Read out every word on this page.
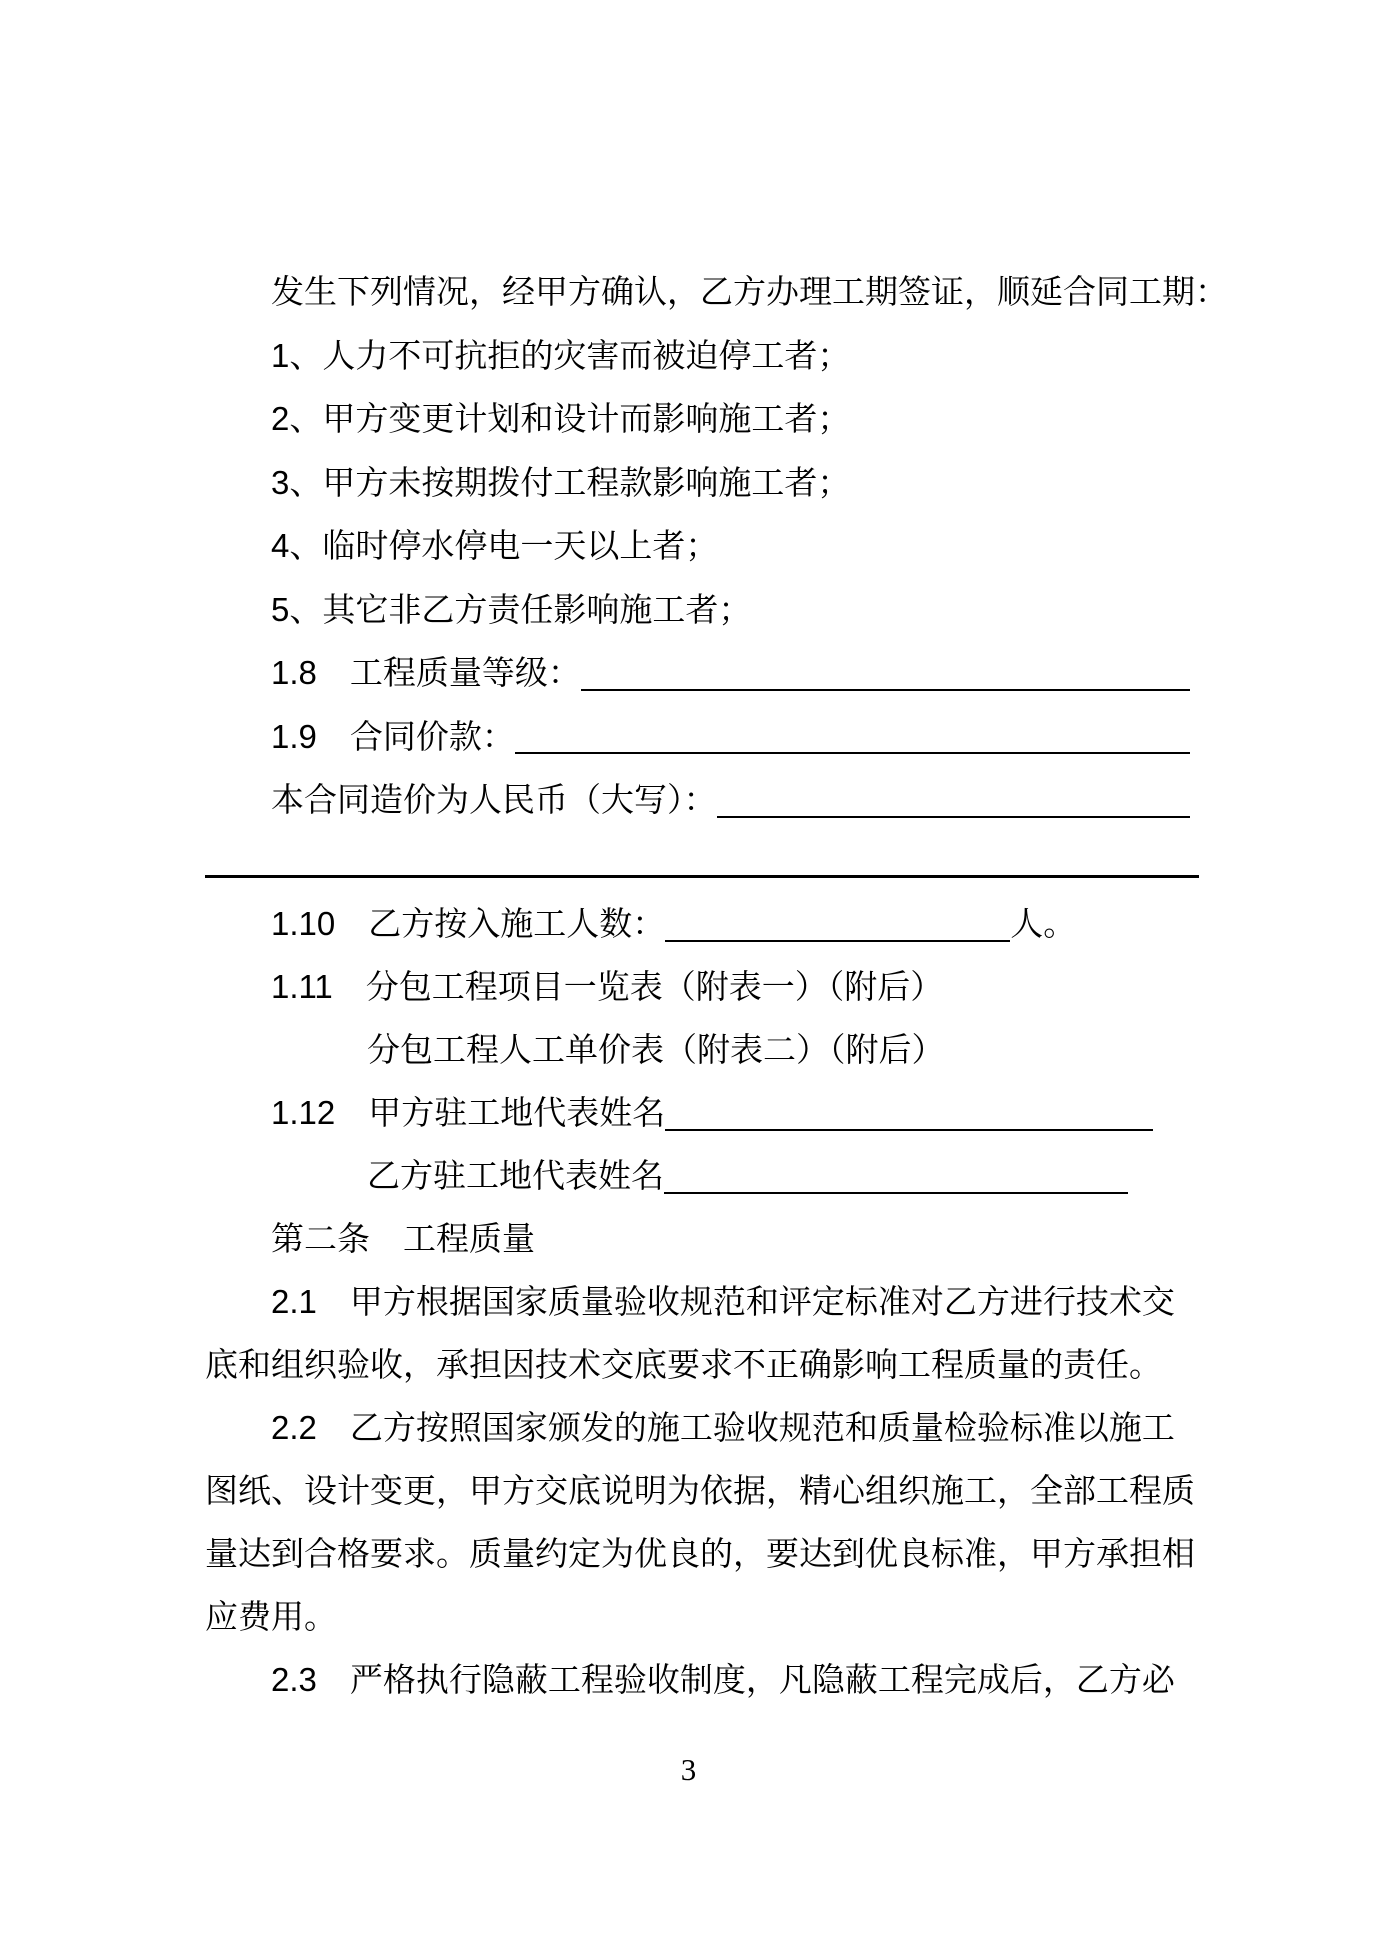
发生下列情况，经甲方确认，乙方办理工期签证，顺延合同工期：
1、人力不可抗拒的灾害而被迫停工者；
2、甲方变更计划和设计而影响施工者；
3、甲方未按期拨付工程款影响施工者；
4、临时停水停电一天以上者；
5、其它非乙方责任影响施工者；
1.8　工程质量等级：
1.9　合同价款：
本合同造价为人民币（大写）：
1.10　乙方按入施工人数：	人。
1.11　分包工程项目一览表（附表一）（附后）
分包工程人工单价表（附表二）（附后）
1.12　甲方驻工地代表姓名
乙方驻工地代表姓名
第二条　工程质量
2.1　甲方根据国家质量验收规范和评定标准对乙方进行技术交
底和组织验收，承担因技术交底要求不正确影响工程质量的责任。
2.2　乙方按照国家颁发的施工验收规范和质量检验标准以施工
图纸、设计变更，甲方交底说明为依据，精心组织施工，全部工程质
量达到合格要求。质量约定为优良的，要达到优良标准，甲方承担相
应费用。
2.3　严格执行隐蔽工程验收制度，凡隐蔽工程完成后，乙方必
3
